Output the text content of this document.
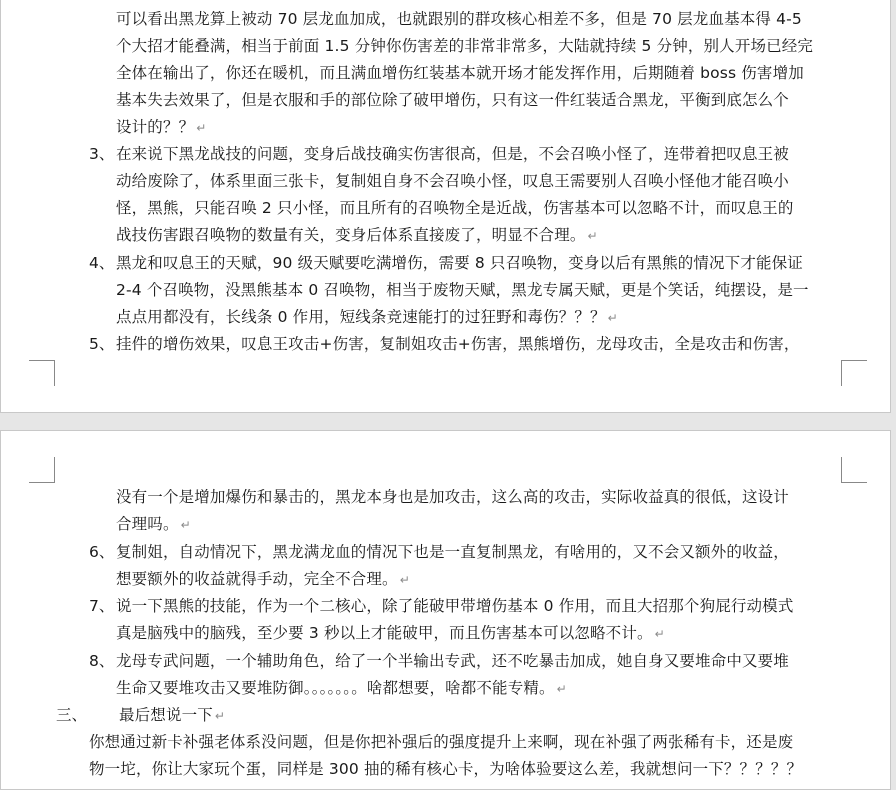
可以看出黑龙算上被动 70 层龙血加成，也就跟别的群攻核心相差不多，但是 70 层龙血基本得 4-5
个大招才能叠满，相当于前面 1.5 分钟你伤害差的非常非常多，大陆就持续 5 分钟，别人开场已经完
全体在输出了，你还在暖机，而且满血增伤红装基本就开场才能发挥作用，后期随着 boss 伤害增加
基本失去效果了，但是衣服和手的部位除了破甲增伤，只有这一件红装适合黑龙，平衡到底怎么个
设计的？？ ↵
3、 在来说下黑龙战技的问题，变身后战技确实伤害很高，但是，不会召唤小怪了，连带着把叹息王被
动给废除了，体系里面三张卡，复制姐自身不会召唤小怪，叹息王需要别人召唤小怪他才能召唤小
怪，黑熊，只能召唤 2 只小怪，而且所有的召唤物全是近战，伤害基本可以忽略不计，而叹息王的
战技伤害跟召唤物的数量有关，变身后体系直接废了，明显不合理。 ↵
4、 黑龙和叹息王的天赋，90 级天赋要吃满增伤，需要 8 只召唤物，变身以后有黑熊的情况下才能保证
2-4 个召唤物，没黑熊基本 0 召唤物，相当于废物天赋，黑龙专属天赋，更是个笑话，纯摆设，是一
点点用都没有，长线条 0 作用，短线条竞速能打的过狂野和毒伤？？？ ↵
5、 挂件的增伤效果，叹息王攻击+伤害，复制姐攻击+伤害，黑熊增伤，龙母攻击，全是攻击和伤害，
没有一个是增加爆伤和暴击的，黑龙本身也是加攻击，这么高的攻击，实际收益真的很低，这设计
合理吗。 ↵
6、 复制姐，自动情况下，黑龙满龙血的情况下也是一直复制黑龙，有啥用的，又不会又额外的收益，
想要额外的收益就得手动，完全不合理。 ↵
7、 说一下黑熊的技能，作为一个二核心，除了能破甲带增伤基本 0 作用，而且大招那个狗屁行动模式
真是脑残中的脑残，至少要 3 秒以上才能破甲，而且伤害基本可以忽略不计。 ↵
8、 龙母专武问题，一个辅助角色，给了一个半输出专武，还不吃暴击加成，她自身又要堆命中又要堆
生命又要堆攻击又要堆防御。。。。。。。啥都想要，啥都不能专精。 ↵
三、 最后想说一下 ↵
你想通过新卡补强老体系没问题，但是你把补强后的强度提升上来啊，现在补强了两张稀有卡，还是废
物一坨，你让大家玩个蛋，同样是 300 抽的稀有核心卡，为啥体验要这么差，我就想问一下？？？？？
